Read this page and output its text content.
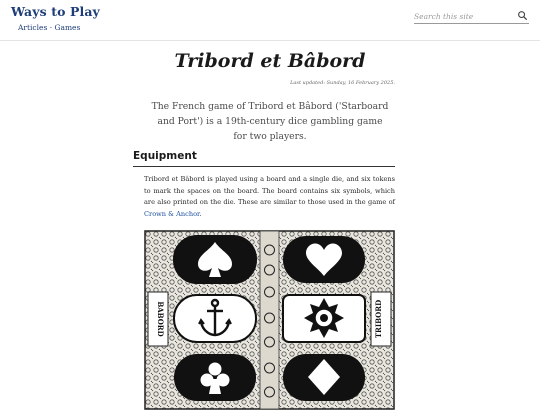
Ways to Play
Articles · Games
Search this site
Tribord et Bâbord
Last updated: Sunday, 16 February 2025.

The French game of Tribord et Bâbord ('Starboard and Port') is a 19th-century dice gambling game for two players.

Equipment

Tribord et Bâbord is played using a board and a single die, and six tokens to mark the spaces on the board. The board contains six symbols, which are also printed on the die. These are similar to those used in the game of Crown & Anchor.

BABORD	TRIBORD
